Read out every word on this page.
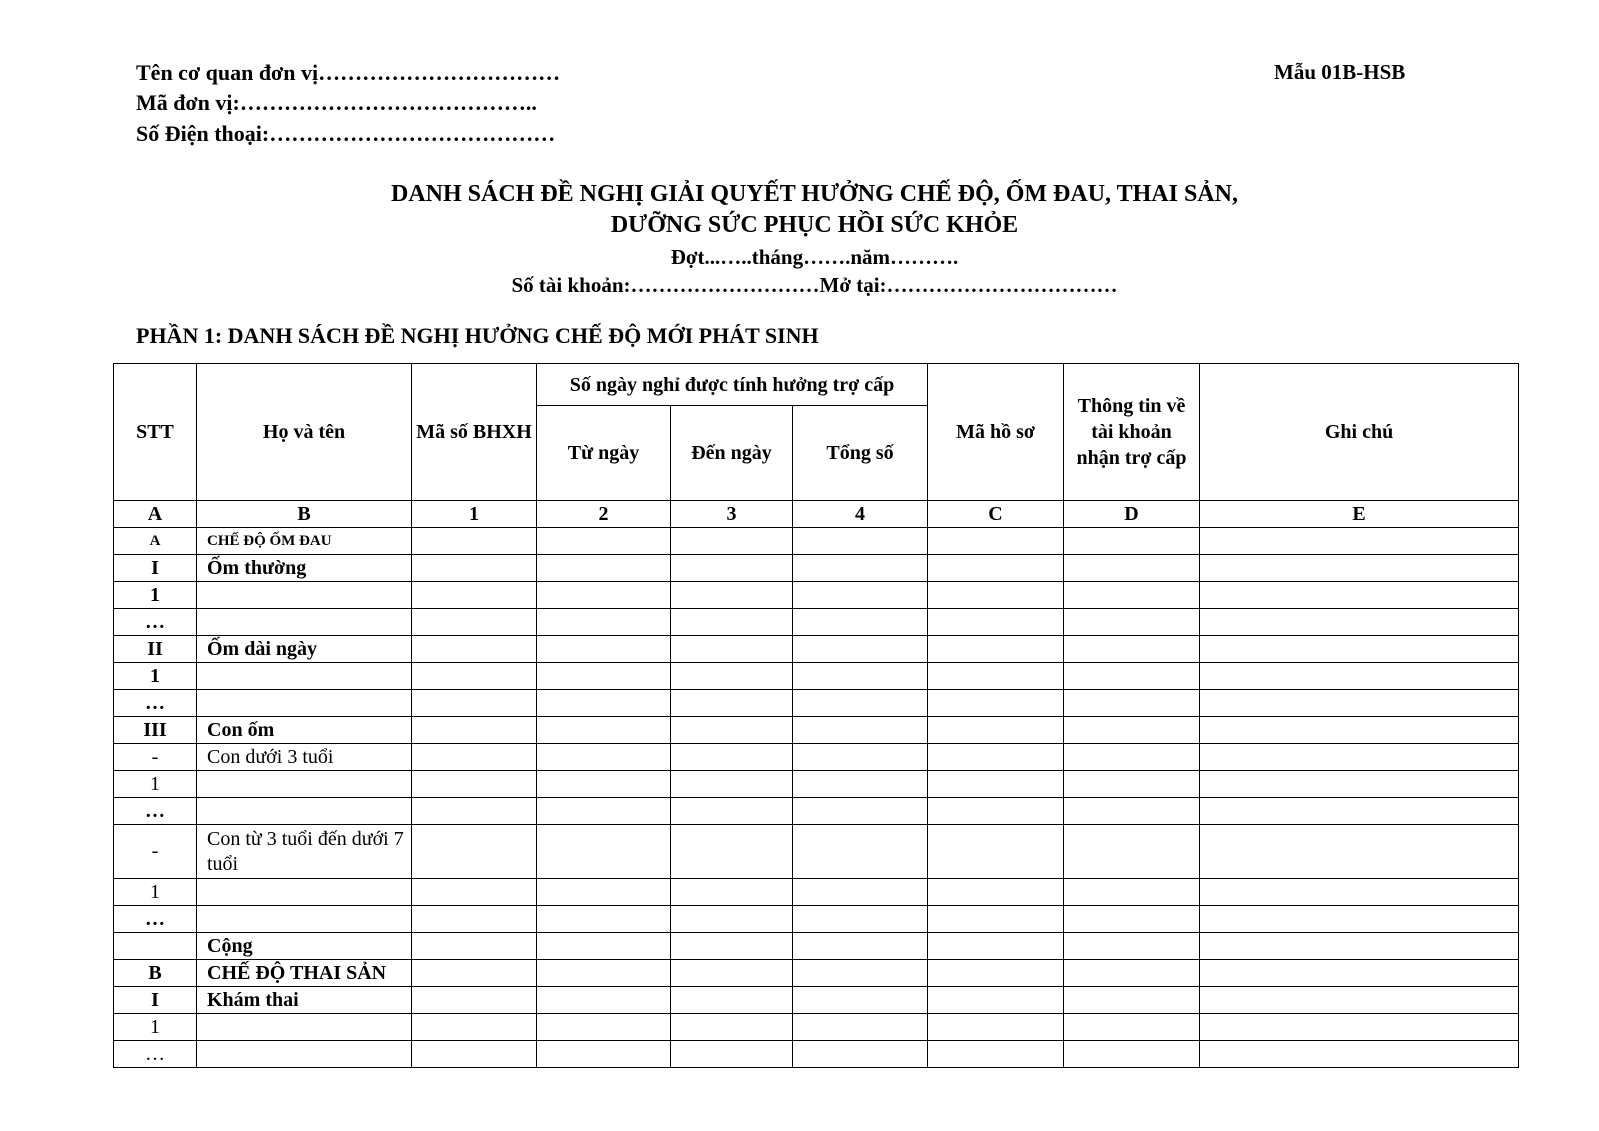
Tên cơ quan đơn vị……………………………
Mã đơn vị:…………………………………..
Số Điện thoại:…………………………………
Mẫu 01B-HSB
DANH SÁCH ĐỀ NGHỊ GIẢI QUYẾT HƯỞNG CHẾ ĐỘ, ỐM ĐAU, THAI SẢN,
DƯỠNG SỨC PHỤC HỒI SỨC KHỎE
Đợt...…..tháng…….năm……….
Số tài khoản:………………………Mở tại:……………………………
PHẦN 1: DANH SÁCH ĐỀ NGHỊ HƯỞNG CHẾ ĐỘ MỚI PHÁT SINH
STT	Họ và tên	Mã số BHXH	Số ngày nghỉ được tính hưởng trợ cấp			Mã hồ sơ	Thông tin về tài khoản nhận trợ cấp	Ghi chú
			Từ ngày	Đến ngày	Tổng số			
A	B	1	2	3	4	C	D	E
A	CHẾ ĐỘ ỐM ĐAU							
I	Ốm thường							
1								
…								
II	Ốm dài ngày							
1								
…								
III	Con ốm							
-	Con dưới 3 tuổi							
1								
…								
-	Con từ 3 tuổi đến dưới 7 tuổi							
1								
…								
	Cộng							
B	CHẾ ĐỘ THAI SẢN							
I	Khám thai							
1								
…								
